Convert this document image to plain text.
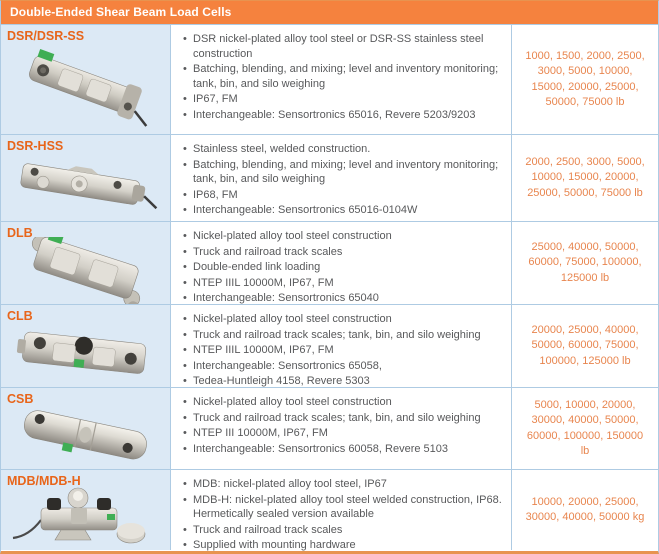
Double-Ended Shear Beam Load Cells
DSR/DSR-SS	• DSR nickel-plated alloy tool steel or DSR-SS stainless steel construction
• Batching, blending, and mixing; level and inventory monitoring; tank, bin, and silo weighing
• IP67, FM
• Interchangeable: Sensortronics 65016, Revere 5203/9203
1000, 1500, 2000, 2500, 3000, 5000, 10000, 15000, 20000, 25000, 50000, 75000 lb
DSR-HSS	• Stainless steel, welded construction.
• Batching, blending, and mixing; level and inventory monitoring; tank, bin, and silo weighing
• IP68, FM
• Interchangeable: Sensortronics 65016-0104W
2000, 2500, 3000, 5000, 10000, 15000, 20000, 25000, 50000, 75000 lb
DLB	• Nickel-plated alloy tool steel construction
• Truck and railroad track scales
• Double-ended link loading
• NTEP IIIL 10000M, IP67, FM
• Interchangeable: Sensortronics 65040
25000, 40000, 50000, 60000, 75000, 100000, 125000 lb
CLB	• Nickel-plated alloy tool steel construction
• Truck and railroad track scales; tank, bin, and silo weighing
• NTEP IIIL 10000M, IP67, FM
• Interchangeable: Sensortronics 65058,
• Tedea-Huntleigh 4158, Revere 5303
20000, 25000, 40000, 50000, 60000, 75000, 100000, 125000 lb
CSB	• Nickel-plated alloy tool steel construction
• Truck and railroad track scales; tank, bin, and silo weighing
• NTEP III 10000M, IP67, FM
• Interchangeable: Sensortronics 60058, Revere 5103
5000, 10000, 20000, 30000, 40000, 50000, 60000, 100000, 150000 lb
MDB/MDB-H	• MDB: nickel-plated alloy tool steel, IP67
• MDB-H: nickel-plated alloy tool steel welded construction, IP68. Hermetically sealed version available
• Truck and railroad track scales
• Supplied with mounting hardware
10000, 20000, 25000, 30000, 40000, 50000 kg
